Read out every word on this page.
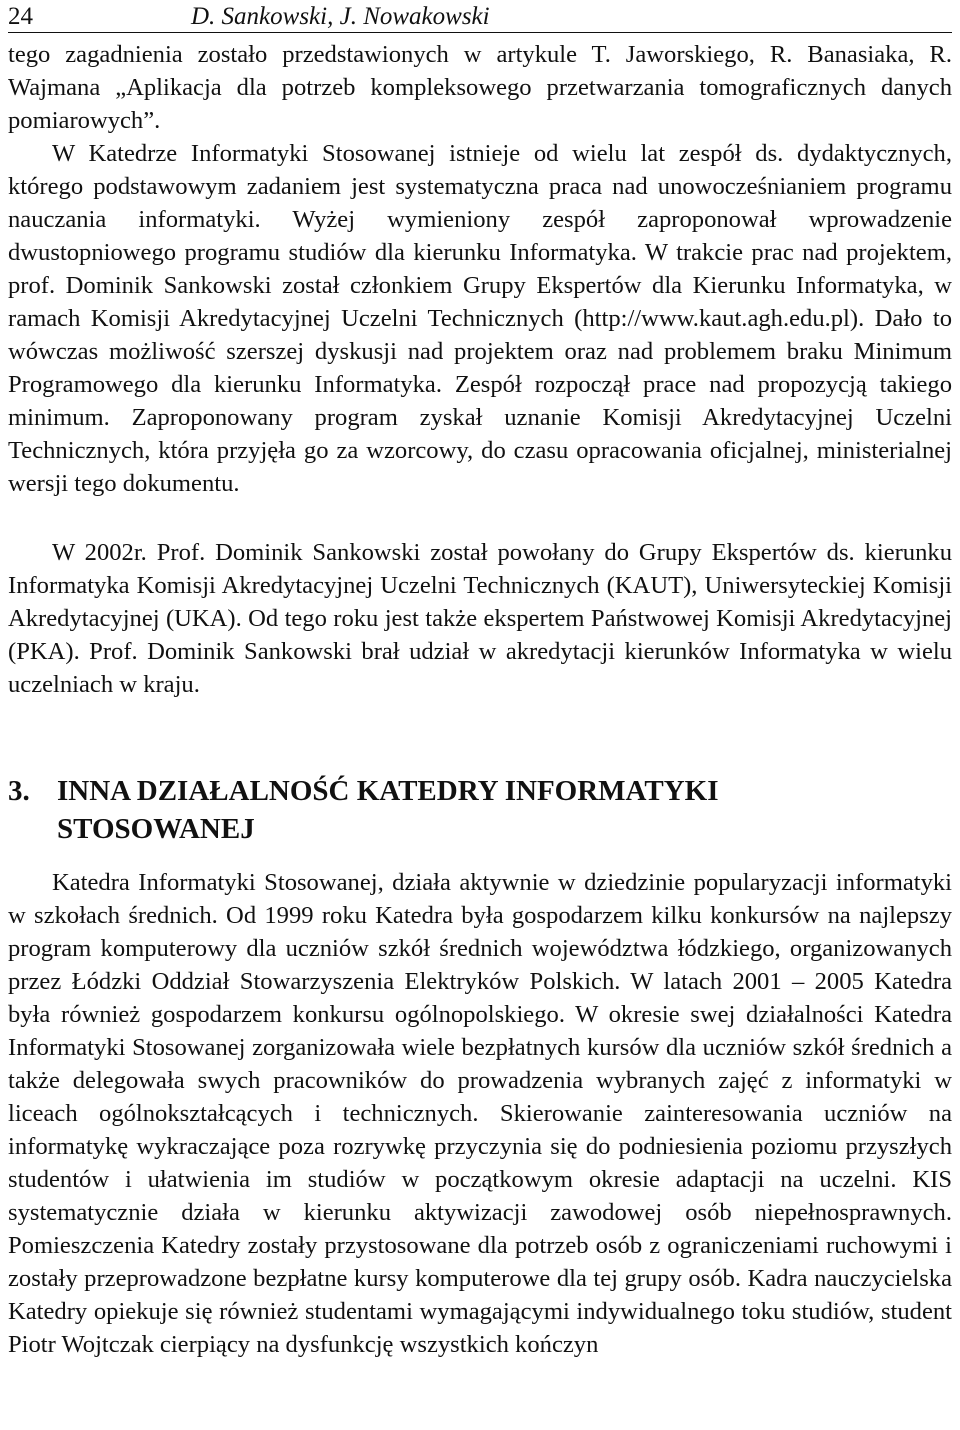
24	D. Sankowski, J. Nowakowski

tego zagadnienia zostało przedstawionych w artykule T. Jaworskiego, R. Banasiaka, R. Wajmana „Aplikacja dla potrzeb kompleksowego przetwarzania tomograficznych danych pomiarowych”.

W Katedrze Informatyki Stosowanej istnieje od wielu lat zespół ds. dydaktycznych, którego podstawowym zadaniem jest systematyczna praca nad unowocześnianiem programu nauczania informatyki. Wyżej wymieniony zespół zaproponował wprowadzenie dwustopniowego programu studiów dla kierunku Informatyka. W trakcie prac nad projektem, prof. Dominik Sankowski został członkiem Grupy Ekspertów dla Kierunku Informatyka, w ramach Komisji Akredytacyjnej Uczelni Technicznych (http://www.kaut.agh.edu.pl). Dało to wówczas możliwość szerszej dyskusji nad projektem oraz nad problemem braku Minimum Programowego dla kierunku Informatyka. Zespół rozpoczął prace nad propozycją takiego minimum. Zaproponowany program zyskał uznanie Komisji Akredytacyjnej Uczelni Technicznych, która przyjęła go za wzorcowy, do czasu opracowania oficjalnej, ministerialnej wersji tego dokumentu.

W 2002r. Prof. Dominik Sankowski został powołany do Grupy Ekspertów ds. kierunku Informatyka Komisji Akredytacyjnej Uczelni Technicznych (KAUT), Uniwersyteckiej Komisji Akredytacyjnej (UKA). Od tego roku jest także ekspertem Państwowej Komisji Akredytacyjnej (PKA). Prof. Dominik Sankowski brał udział w akredytacji kierunków Informatyka w wielu uczelniach w kraju.

3. INNA DZIAŁALNOŚĆ KATEDRY INFORMATYKI STOSOWANEJ

Katedra Informatyki Stosowanej, działa aktywnie w dziedzinie popularyzacji informatyki w szkołach średnich. Od 1999 roku Katedra była gospodarzem kilku konkursów na najlepszy program komputerowy dla uczniów szkół średnich województwa łódzkiego, organizowanych przez Łódzki Oddział Stowarzyszenia Elektryków Polskich. W latach 2001 – 2005 Katedra była również gospodarzem konkursu ogólnopolskiego. W okresie swej działalności Katedra Informatyki Stosowanej zorganizowała wiele bezpłatnych kursów dla uczniów szkół średnich a także delegowała swych pracowników do prowadzenia wybranych zajęć z informatyki w liceach ogólnokształcących i technicznych. Skierowanie zainteresowania uczniów na informatykę wykraczające poza rozrywkę przyczynia się do podniesienia poziomu przyszłych studentów i ułatwienia im studiów w początkowym okresie adaptacji na uczelni. KIS systematycznie działa w kierunku aktywizacji zawodowej osób niepełnosprawnych. Pomieszczenia Katedry zostały przystosowane dla potrzeb osób z ograniczeniami ruchowymi i zostały przeprowadzone bezpłatne kursy komputerowe dla tej grupy osób. Kadra nauczycielska Katedry opiekuje się również studentami wymagającymi indywidualnego toku studiów, student Piotr Wojtczak cierpiący na dysfunkcję wszystkich kończyn
